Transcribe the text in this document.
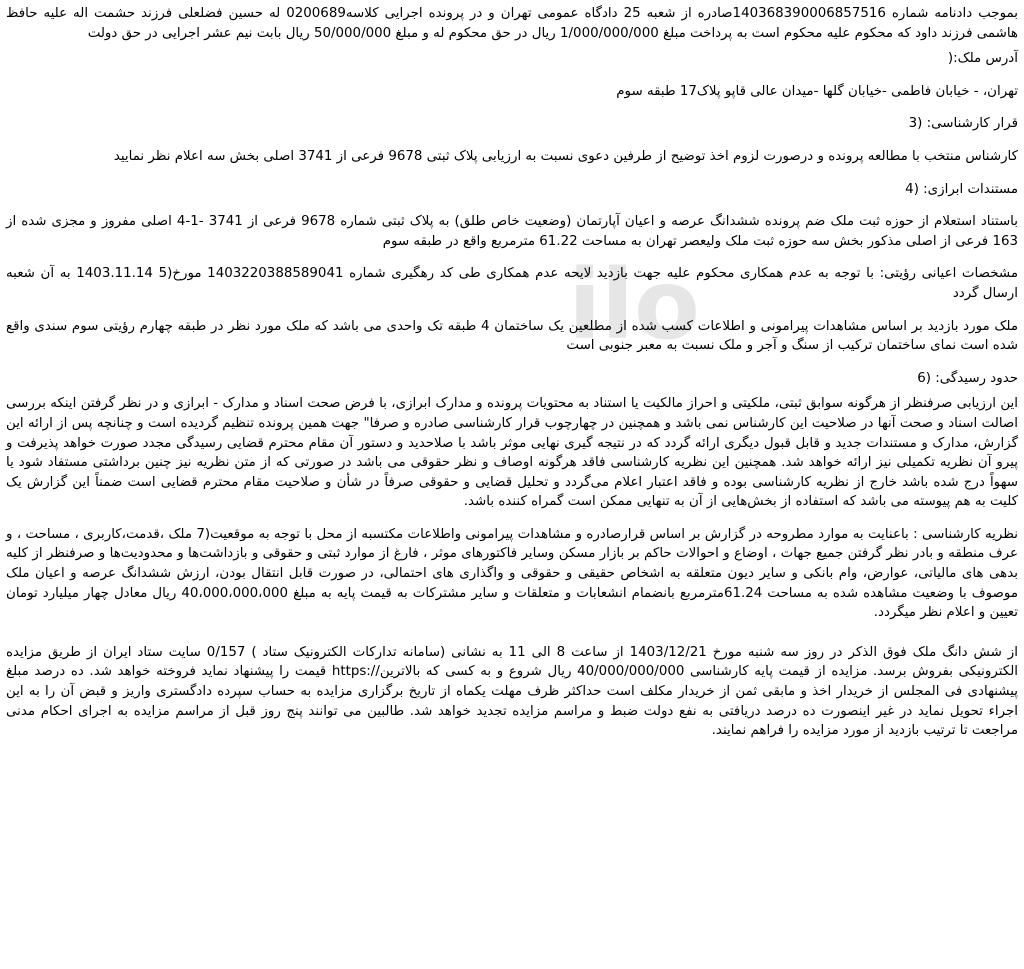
ilo

بموجب دادنامه شماره 140368390006857516صادره از شعبه 25 دادگاه عمومی تهران و در پرونده اجرایی کلاسه0200689 له حسین فضلعلی فرزند حشمت اله علیه حافظ هاشمی فرزند داود که محکوم علیه محکوم است به پرداخت مبلغ 1/000/000/000 ریال در حق محکوم له و مبلغ 50/000/000 ریال بابت نیم عشر اجرایی در حق دولت

آدرس ملک:(

تهران، - خیابان فاطمی -خیابان گلها -میدان عالی قاپو پلاک17 طبقه سوم

قرار کارشناسی: (3

کارشناس منتخب با مطالعه پرونده و درصورت لزوم اخذ توضیح از طرفین دعوی نسبت به ارزیابی پلاک ثبتی 9678 فرعی از 3741 اصلی بخش سه اعلام نظر نمایید

مستندات ابرازی: (4

باستناد استعلام از حوزه ثبت ملک ضم پرونده ششدانگ عرصه و اعیان آپارتمان (وضعیت خاص طلق) به پلاک ثبتی شماره 9678 فرعی از 3741 -1-4 اصلی مفروز و مجزی شده از 163 فرعی از اصلی مذکور بخش سه حوزه ثبت ملک ولیعصر تهران به مساحت 61.22 مترمربع واقع در طبقه سوم

مشخصات اعیانی رؤیتی: با توجه به عدم همکاری محکوم علیه جهت بازدید لایحه عدم همکاری طی کد رهگیری شماره 1403220388589041 مورخ(5 1403.11.14 به آن شعبه ارسال گردد

ملک مورد بازدید بر اساس مشاهدات پیرامونی و اطلاعات کسب شده از مطلعین یک ساختمان 4 طبقه تک واحدی می باشد که ملک مورد نظر در طبقه چهارم رؤیتی سوم سندی واقع شده است نمای ساختمان ترکیب از سنگ و آجر و ملک نسبت به معبر جنوبی است

حدود رسیدگی: (6

این ارزیابی صرفنظر از هرگونه سوابق ثبتی، ملکیتی و احراز مالکیت یا استناد به محتویات پرونده و مدارک ابرازی، با فرض صحت اسناد و مدارک - ابرازی و در نظر گرفتن اینکه بررسی اصالت اسناد و صحت آنها در صلاحیت این کارشناس نمی باشد و همچنین در چهارچوب قرار کارشناسی صادره و صرفا" جهت همین پرونده تنظیم گردیده است و چنانچه پس از ارائه این گزارش، مدارک و مستندات جدید و قابل قبول دیگری ارائه گردد که در نتیجه گیری نهایی موثر باشد با صلاحدید و دستور آن مقام محترم قضایی رسیدگی مجدد صورت خواهد پذیرفت و پیرو آن نظریه تکمیلی نیز ارائه خواهد شد. همچنین این نظریه کارشناسی فاقد هرگونه اوصاف و نظر حقوقی می باشد در صورتی که از متن نظریه نیز چنین برداشتی مستفاد شود یا سهواً درج شده باشد خارج از نظریه کارشناسی بوده و فاقد اعتبار اعلام می‌گردد و تحلیل قضایی و حقوقی صرفاً در شأن و صلاحیت مقام محترم قضایی است ضمناً این گزارش یک کلیت به هم پیوسته می باشد که استفاده از بخش‌هایی از آن به تنهایی ممکن است گمراه کننده باشد.

نظریه کارشناسی : باعنایت به موارد مطروحه در گزارش بر اساس قرارصادره و مشاهدات پیرامونی واطلاعات مکتسبه از محل با توجه به موقعیت(7 ملک ،قدمت،کاربری ، مساحت ، و عرف منطقه و بادر نظر گرفتن جمیع جهات ، اوضاع و احوالات حاکم بر بازار مسکن وسایر فاکتورهای موثر ، فارغ از موارد ثبتی و حقوقی و بازداشت‌ها و محدودیت‌ها و صرفنظر از کلیه بدهی های مالیاتی، عوارض، وام بانکی و سایر دیون متعلقه به اشخاص حقیقی و حقوقی و واگذاری های احتمالی، در صورت قابل انتقال بودن، ارزش ششدانگ عرصه و اعیان ملک موصوف با وضعیت مشاهده شده به مساحت 61.24مترمربع بانضمام انشعابات و متعلقات و سایر مشترکات به قیمت پایه به مبلغ 40،000،000،000 ریال معادل چهار میلیارد تومان تعیین و اعلام نظر میگردد.

از شش دانگ ملک فوق الذکر در روز سه شنبه مورخ 1403/12/21 از ساعت 8 الی 11 به نشانی (سامانه تدارکات الکترونیک ستاد ) 0/157 سایت ستاد ایران از طریق مزایده الکترونیکی بفروش برسد. مزایده از قیمت پایه کارشناسی 40/000/000/000 ریال شروع و به کسی که بالاترین//:https قیمت را پیشنهاد نماید فروخته خواهد شد. ده درصد مبلغ پیشنهادی فی المجلس از خریدار اخذ و مابقی ثمن از خریدار مکلف است حداکثر ظرف مهلت یکماه از تاریخ برگزاری مزایده به حساب سپرده دادگستری واریز و قبض آن را به این اجراء تحویل نماید در غیر اینصورت ده درصد دریافتی به نفع دولت ضبط و مراسم مزایده تجدید خواهد شد. طالبین می توانند پنج روز قبل از مراسم مزایده به اجرای احکام مدنی مراجعت تا ترتیب بازدید از مورد مزایده را فراهم نمایند.
